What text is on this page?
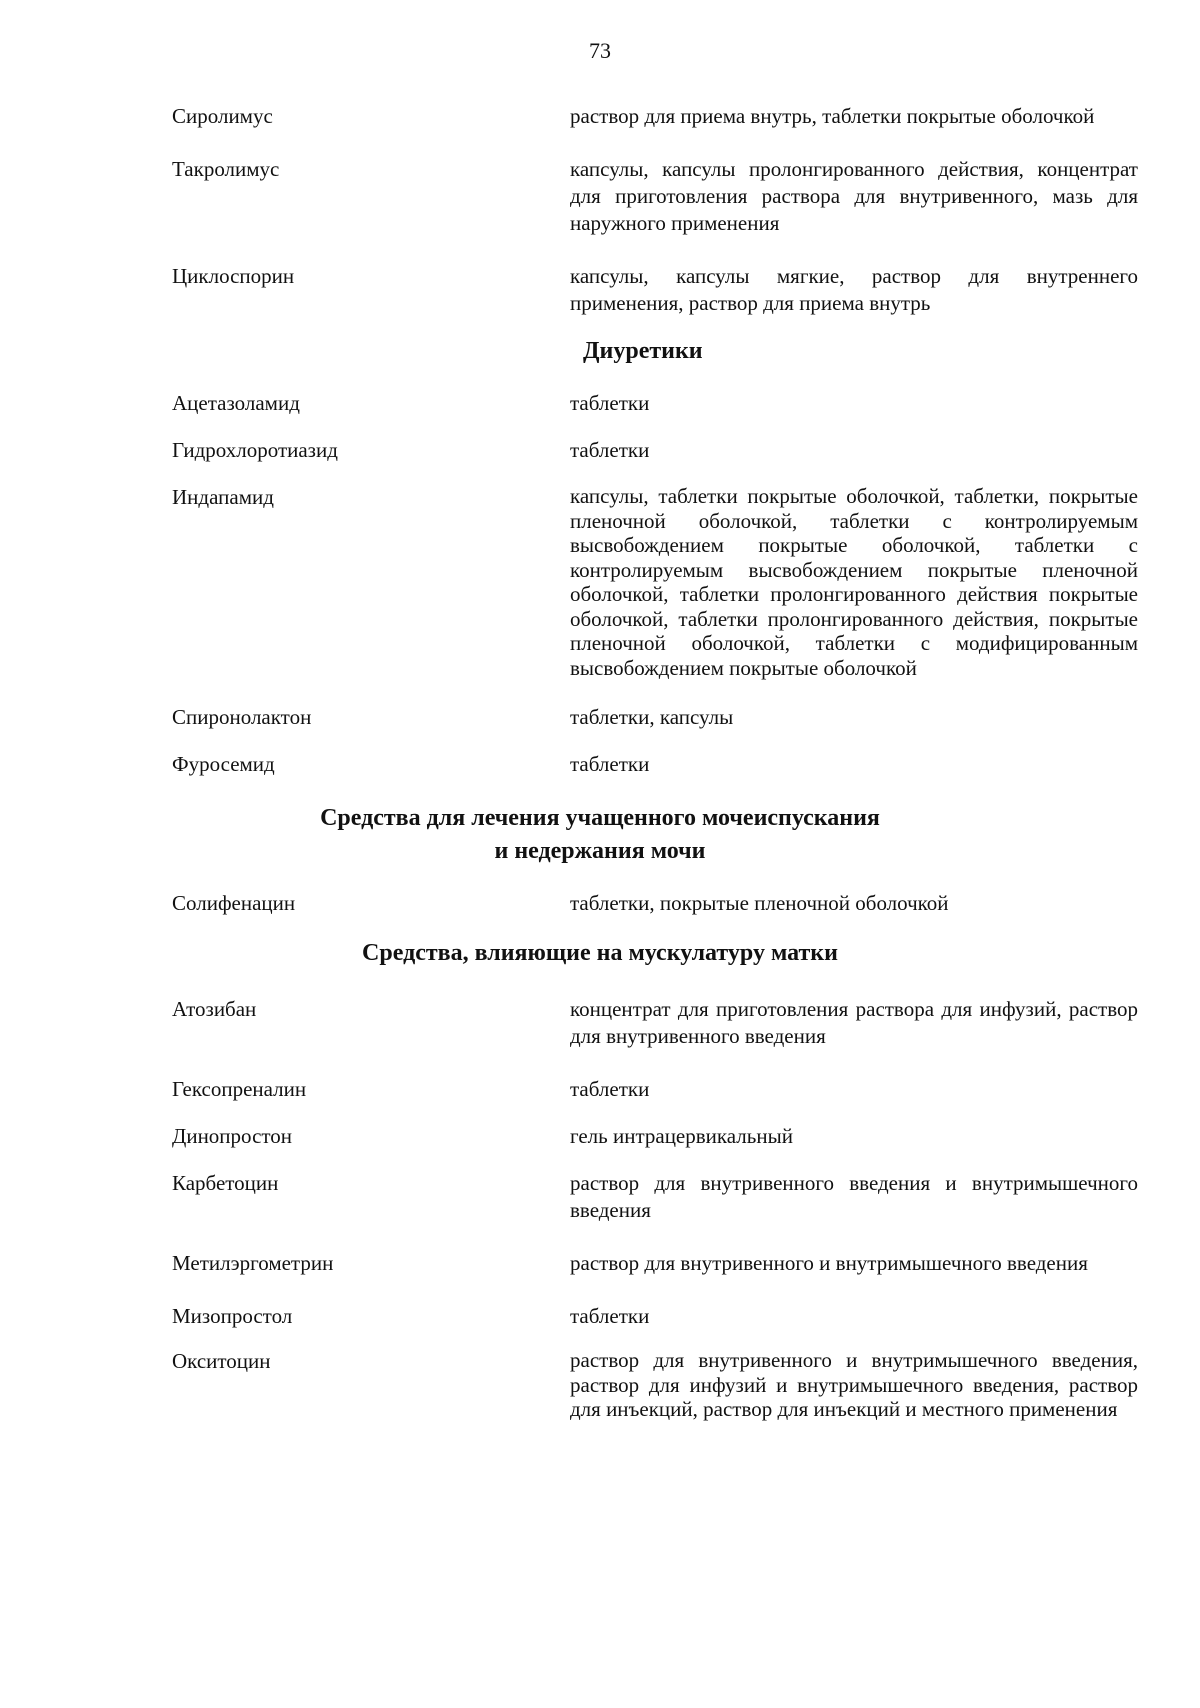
73
Сиролимус	раствор для приема внутрь, таблетки покрытые оболочкой
Такролимус	капсулы, капсулы пролонгированного действия, концентрат для приготовления раствора для внутривенного, мазь для наружного применения
Циклоспорин	капсулы, капсулы мягкие, раствор для внутреннего применения, раствор для приема внутрь
Диуретики
Ацетазоламид	таблетки
Гидрохлоротиазид	таблетки
Индапамид	капсулы, таблетки покрытые оболочкой, таблетки, покрытые пленочной оболочкой, таблетки с контролируемым высвобождением покрытые оболочкой, таблетки с контролируемым высвобождением покрытые пленочной оболочкой, таблетки пролонгированного действия покрытые оболочкой, таблетки пролонгированного действия, покрытые пленочной оболочкой, таблетки с модифицированным высвобождением покрытые оболочкой
Спиронолактон	таблетки, капсулы
Фуросемид	таблетки
Средства для лечения учащенного мочеиспускания
и недержания мочи
Солифенацин	таблетки, покрытые пленочной оболочкой
Средства, влияющие на мускулатуру матки
Атозибан	концентрат для приготовления раствора для инфузий, раствор для внутривенного введения
Гексопреналин	таблетки
Динопростон	гель интрацервикальный
Карбетоцин	раствор для внутривенного введения и внутримышечного введения
Метилэргометрин	раствор для внутривенного и внутримышечного введения
Мизопростол	таблетки
Окситоцин	раствор для внутривенного и внутримышечного введения, раствор для инфузий и внутримышечного введения, раствор для инъекций, раствор для инъекций и местного применения
